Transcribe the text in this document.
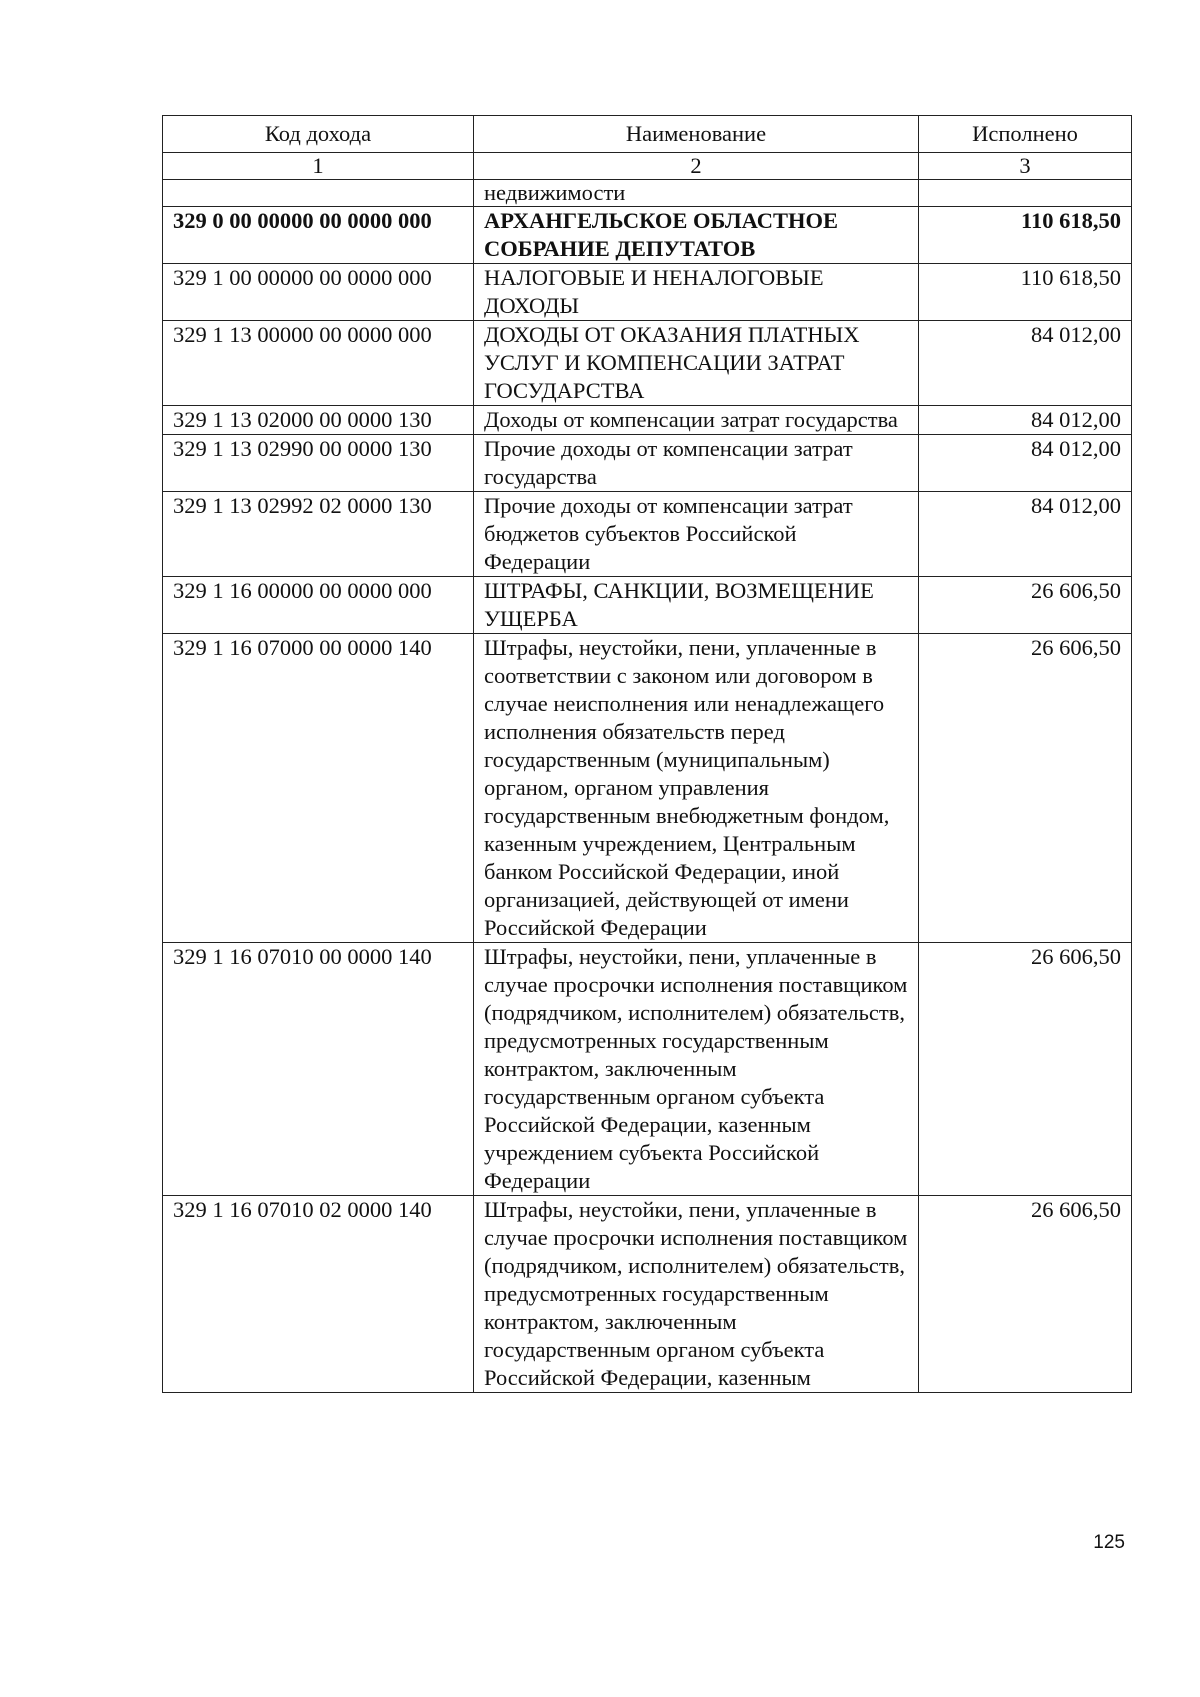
Код дохода	Наименование	Исполнено
1	2	3
	недвижимости	
329 0 00 00000 00 0000 000	АРХАНГЕЛЬСКОЕ ОБЛАСТНОЕ СОБРАНИЕ ДЕПУТАТОВ	110 618,50
329 1 00 00000 00 0000 000	НАЛОГОВЫЕ И НЕНАЛОГОВЫЕ ДОХОДЫ	110 618,50
329 1 13 00000 00 0000 000	ДОХОДЫ ОТ ОКАЗАНИЯ ПЛАТНЫХ УСЛУГ И КОМПЕНСАЦИИ ЗАТРАТ ГОСУДАРСТВА	84 012,00
329 1 13 02000 00 0000 130	Доходы от компенсации затрат государства	84 012,00
329 1 13 02990 00 0000 130	Прочие доходы от компенсации затрат государства	84 012,00
329 1 13 02992 02 0000 130	Прочие доходы от компенсации затрат бюджетов субъектов Российской Федерации	84 012,00
329 1 16 00000 00 0000 000	ШТРАФЫ, САНКЦИИ, ВОЗМЕЩЕНИЕ УЩЕРБА	26 606,50
329 1 16 07000 00 0000 140	Штрафы, неустойки, пени, уплаченные в соответствии с законом или договором в случае неисполнения или ненадлежащего исполнения обязательств перед государственным (муниципальным) органом, органом управления государственным внебюджетным фондом, казенным учреждением, Центральным банком Российской Федерации, иной организацией, действующей от имени Российской Федерации	26 606,50
329 1 16 07010 00 0000 140	Штрафы, неустойки, пени, уплаченные в случае просрочки исполнения поставщиком (подрядчиком, исполнителем) обязательств, предусмотренных государственным контрактом, заключенным государственным органом субъекта Российской Федерации, казенным учреждением субъекта Российской Федерации	26 606,50
329 1 16 07010 02 0000 140	Штрафы, неустойки, пени, уплаченные в случае просрочки исполнения поставщиком (подрядчиком, исполнителем) обязательств, предусмотренных государственным контрактом, заключенным государственным органом субъекта Российской Федерации, казенным	26 606,50
125
